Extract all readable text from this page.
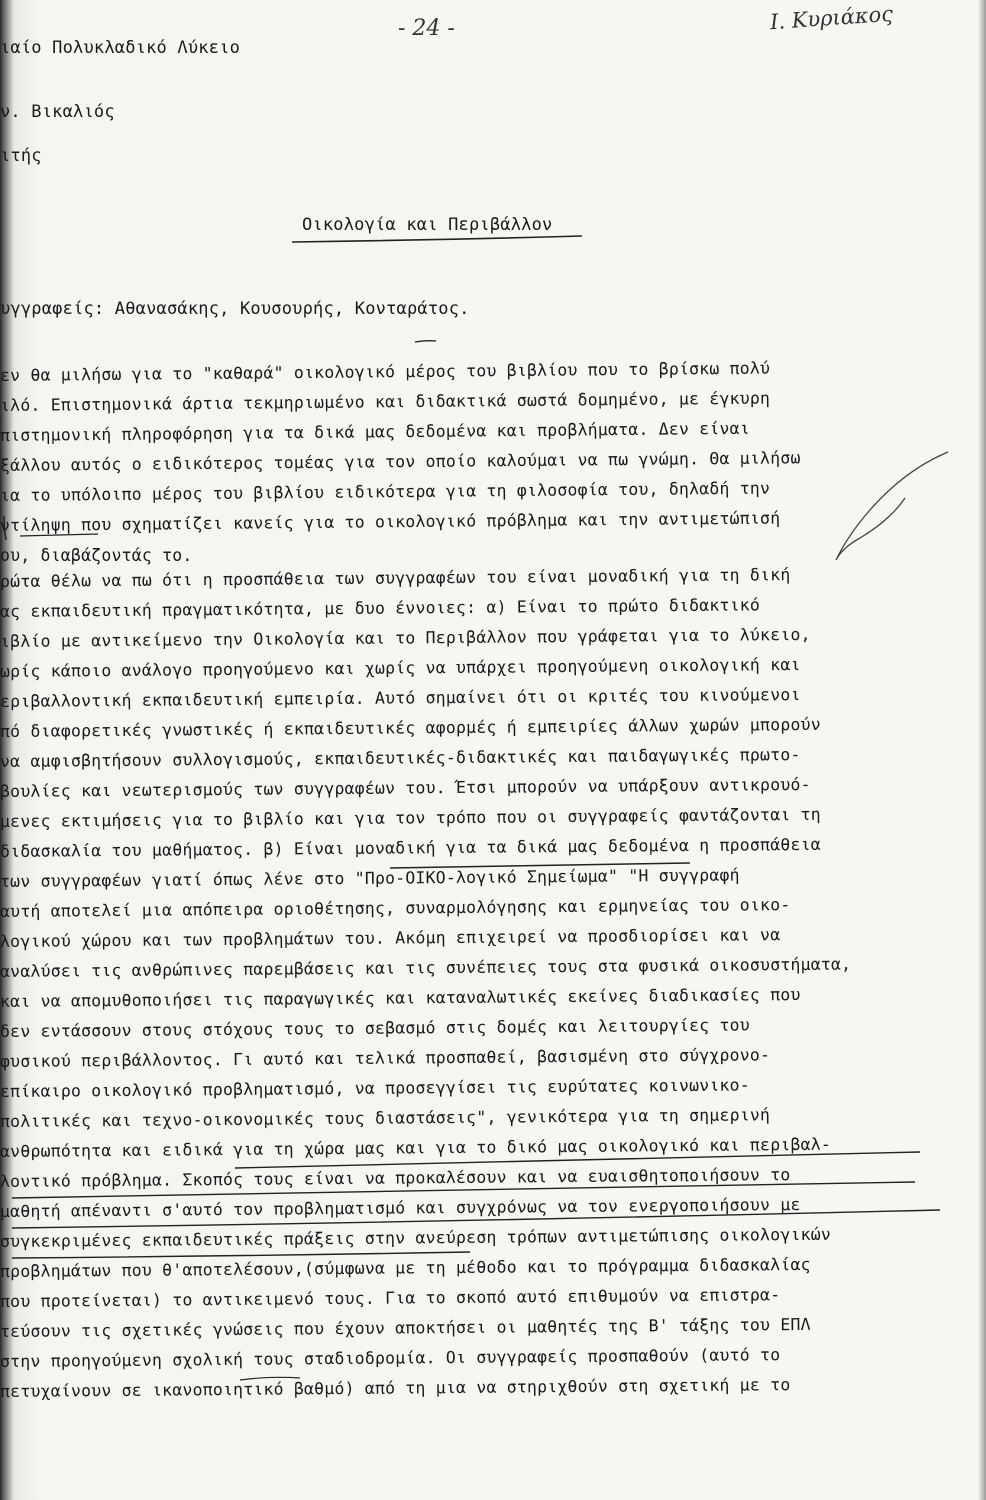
- 24 -	Ι. Κυριάκος
ιαίο Πολυκλαδικό Λύκειο
ν. Βικαλιός
ιτής
Οικολογία και Περιβάλλον
υγγραφείς: Αθανασάκης, Κουσουρής, Κονταράτος.
εν θα μιλήσω για το "καθαρά" οικολογικό μέρος του βιβλίου που το βρίσκω πολύ
ιλό. Επιστημονικά άρτια τεκμηριωμένο και διδακτικά σωστά δομημένο, με έγκυρη
πιστημονική πληροφόρηση για τα δικά μας δεδομένα και προβλήματα. Δεν είναι
ξάλλου αυτός ο ειδικότερος τομέας για τον οποίο καλούμαι να πω γνώμη. Θα μιλήσω
ια το υπόλοιπο μέρος του βιβλίου ειδικότερα για τη φιλοσοφία του, δηλαδή την
ντίληψη που σχηματίζει κανείς για το οικολογικό πρόβλημα και την αντιμετώπισή
ου, διαβάζοντάς το.
ρώτα θέλω να πω ότι η προσπάθεια των συγγραφέων του είναι μοναδική για τη δική
ας εκπαιδευτική πραγματικότητα, με δυο έννοιες: α) Είναι το πρώτο διδακτικό
ιβλίο με αντικείμενο την Οικολογία και το Περιβάλλον που γράφεται για το λύκειο,
ωρίς κάποιο ανάλογο προηγούμενο και χωρίς να υπάρχει προηγούμενη οικολογική και
εριβαλλοντική εκπαιδευτική εμπειρία. Αυτό σημαίνει ότι οι κριτές του κινούμενοι
πό διαφορετικές γνωστικές ή εκπαιδευτικές αφορμές ή εμπειρίες άλλων χωρών μπορούν
να αμφισβητήσουν συλλογισμούς, εκπαιδευτικές-διδακτικές και παιδαγωγικές πρωτο-
βουλίες και νεωτερισμούς των συγγραφέων του. Έτσι μπορούν να υπάρξουν αντικρουό-
μενες εκτιμήσεις για το βιβλίο και για τον τρόπο που οι συγγραφείς φαντάζονται τη
διδασκαλία του μαθήματος. β) Είναι μοναδική για τα δικά μας δεδομένα η προσπάθεια
των συγγραφέων γιατί όπως λένε στο "Προ-ΟΙΚΟ-λογικό Σημείωμα" "Η συγγραφή
αυτή αποτελεί μια απόπειρα οριοθέτησης, συναρμολόγησης και ερμηνείας του οικο-
λογικού χώρου και των προβλημάτων του. Ακόμη επιχειρεί να προσδιορίσει και να
αναλύσει τις ανθρώπινες παρεμβάσεις και τις συνέπειες τους στα φυσικά οικοσυστήματα,
και να απομυθοποιήσει τις παραγωγικές και καταναλωτικές εκείνες διαδικασίες που
δεν εντάσσουν στους στόχους τους το σεβασμό στις δομές και λειτουργίες του
φυσικού περιβάλλοντος. Γι αυτό και τελικά προσπαθεί, βασισμένη στο σύγχρονο-
επίκαιρο οικολογικό προβληματισμό, να προσεγγίσει τις ευρύτατες κοινωνικο-
πολιτικές και τεχνο-οικονομικές τους διαστάσεις", γενικότερα για τη σημερινή
ανθρωπότητα και ειδικά για τη χώρα μας και για το δικό μας οικολογικό και περιβαλ-
λοντικό πρόβλημα. Σκοπός τους είναι να προκαλέσουν και να ευαισθητοποιήσουν το
μαθητή απέναντι σ'αυτό τον προβληματισμό και συγχρόνως να τον ενεργοποιήσουν με
συγκεκριμένες εκπαιδευτικές πράξεις στην ανεύρεση τρόπων αντιμετώπισης οικολογικών
προβλημάτων που θ'αποτελέσουν,(σύμφωνα με τη μέθοδο και το πρόγραμμα διδασκαλίας
που προτείνεται) το αντικειμενό τους. Για το σκοπό αυτό επιθυμούν να επιστρα-
τεύσουν τις σχετικές γνώσεις που έχουν αποκτήσει οι μαθητές της Β' τάξης του ΕΠΛ
στην προηγούμενη σχολική τους σταδιοδρομία. Οι συγγραφείς προσπαθούν (αυτό το
πετυχαίνουν σε ικανοποιητικό βαθμό) από τη μια να στηριχθούν στη σχετική με το
